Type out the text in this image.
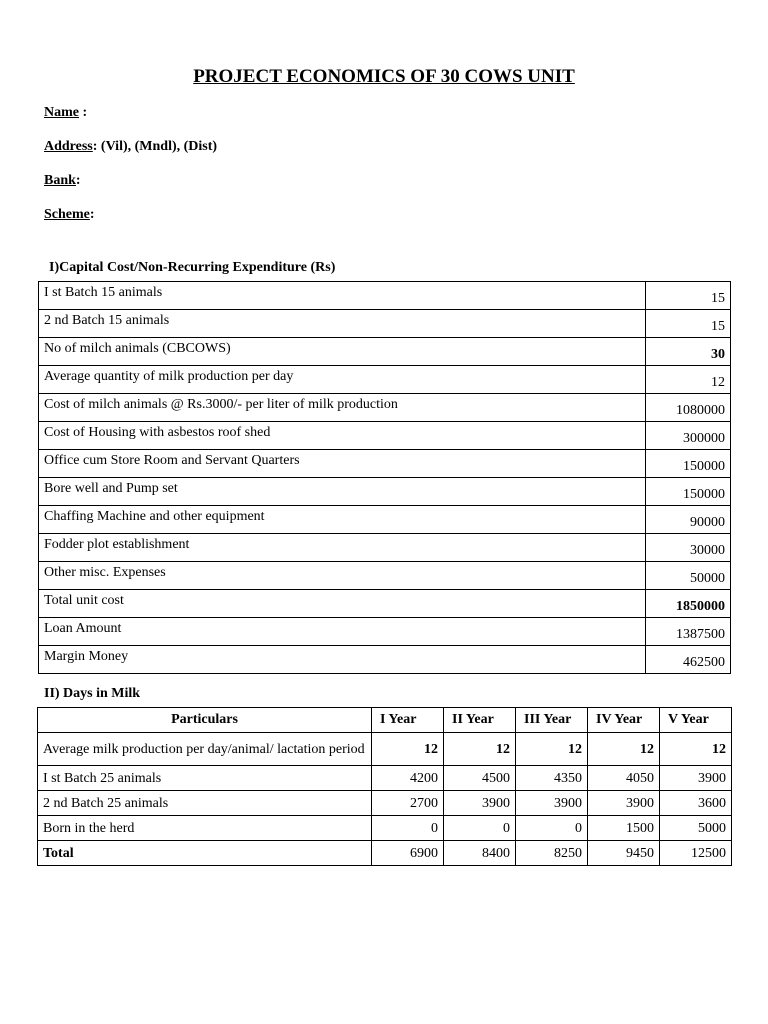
PROJECT ECONOMICS OF 30 COWS UNIT
Name :
Address: (Vil), (Mndl), (Dist)
Bank:
Scheme:
I)Capital Cost/Non-Recurring Expenditure (Rs)
I st Batch 15 animals	15
2 nd Batch 15 animals	15
No of milch animals (CBCOWS)	30
Average quantity of milk production per day	12
Cost of milch animals @ Rs.3000/- per liter of milk production	1080000
Cost of Housing with asbestos roof shed	300000
Office cum Store Room and Servant Quarters	150000
Bore well and Pump set	150000
Chaffing Machine and other equipment	90000
Fodder plot establishment	30000
Other misc. Expenses	50000
Total unit cost	1850000
Loan Amount	1387500
Margin Money	462500
II) Days in Milk
Particulars	I Year	II Year	III Year	IV Year	V Year
Average milk production per day/animal/ lactation period	12	12	12	12	12
I st Batch 25 animals	4200	4500	4350	4050	3900
2 nd Batch 25 animals	2700	3900	3900	3900	3600
Born in the herd	0	0	0	1500	5000
Total	6900	8400	8250	9450	12500
